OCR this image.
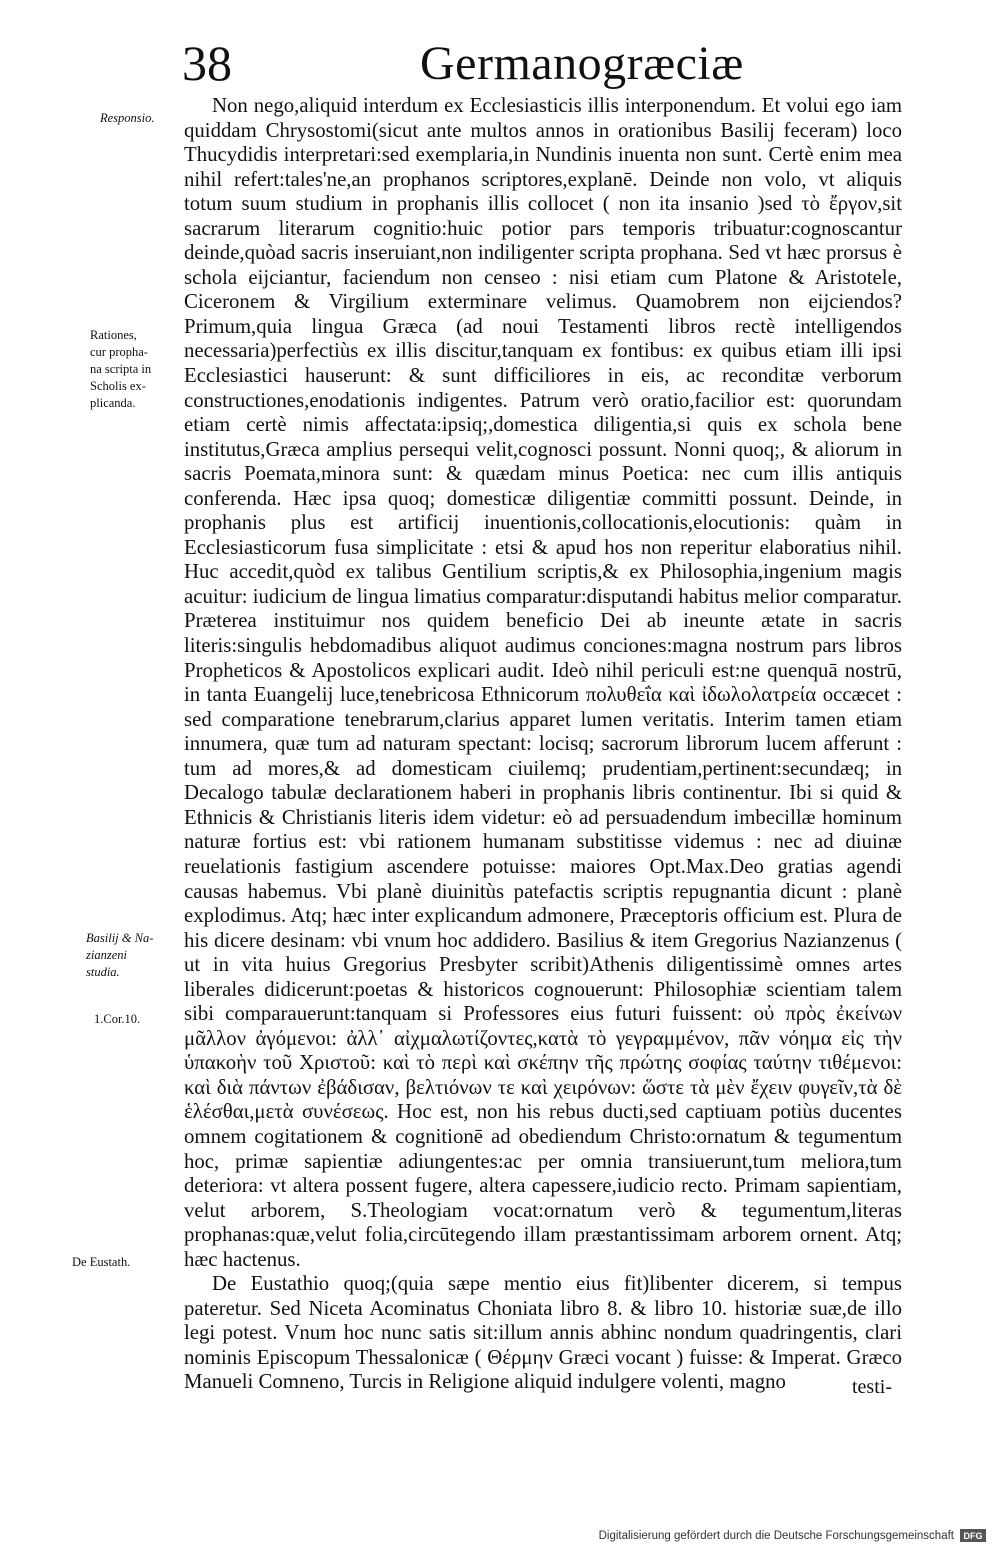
38	Germanogræciæ
Responsio.
Rationes,
cur propha-
na scripta in
Scholis ex-
plicanda.
Basilij & Na-
zianzeni
studia.
1.Cor.10.
De Eustath.

Non nego,aliquid interdum ex Ecclesiasticis illis interponendum. Et volui ego iam quiddam Chrysostomi(sicut ante multos annos in orationibus Basilij feceram) loco Thucydidis interpretari:sed exemplaria,in Nundinis inuenta non sunt. Certè enim mea nihil refert:tales'ne,an prophanos scriptores,explanē. Deinde non volo, vt aliquis totum suum studium in prophanis illis collocet ( non ita insanio )sed τὸ ἔργον,sit sacrarum literarum cognitio:huic potior pars temporis tribuatur:cognoscantur deinde,quòad sacris inseruiant,non indiligenter scripta prophana. Sed vt hæc prorsus è schola eijciantur, faciendum non censeo : nisi etiam cum Platone & Aristotele, Ciceronem & Virgilium exterminare velimus. Quamobrem non eijciendos? Primum,quia lingua Græca (ad noui Testamenti libros rectè intelligendos necessaria)perfectiùs ex illis discitur,tanquam ex fontibus: ex quibus etiam illi ipsi Ecclesiastici hauserunt: & sunt difficiliores in eis, ac reconditæ verborum constructiones,enodationis indigentes. Patrum verò oratio,facilior est: quorundam etiam certè nimis affectata:ipsiq;,domestica diligentia,si quis ex schola bene institutus,Græca amplius persequi velit,cognosci possunt. Nonni quoq;, & aliorum in sacris Poemata,minora sunt: & quædam minus Poetica: nec cum illis antiquis conferenda. Hæc ipsa quoq; domesticæ diligentiæ committi possunt. Deinde, in prophanis plus est artificij inuentionis,collocationis,elocutionis: quàm in Ecclesiasticorum fusa simplicitate : etsi & apud hos non reperitur elaboratius nihil. Huc accedit,quòd ex talibus Gentilium scriptis,& ex Philosophia,ingenium magis acuitur: iudicium de lingua limatius comparatur:disputandi habitus melior comparatur. Præterea instituimur nos quidem beneficio Dei ab ineunte ætate in sacris literis:singulis hebdomadibus aliquot audimus conciones:magna nostrum pars libros Propheticos & Apostolicos explicari audit. Ideò nihil periculi est:ne quenquā nostrū, in tanta Euangelij luce,tenebricosa Ethnicorum πολυθεΐα καὶ ἰδωλολατρεία occæcet : sed comparatione tenebrarum,clarius apparet lumen veritatis. Interim tamen etiam innumera, quæ tum ad naturam spectant: locisq; sacrorum librorum lucem afferunt : tum ad mores,& ad domesticam ciuilemq; prudentiam,pertinent:secundæq; in Decalogo tabulæ declarationem haberi in prophanis libris continentur. Ibi si quid & Ethnicis & Christianis literis idem videtur: eò ad persuadendum imbecillæ hominum naturæ fortius est: vbi rationem humanam substitisse videmus : nec ad diuinæ reuelationis fastigium ascendere potuisse: maiores Opt.Max.Deo gratias agendi causas habemus. Vbi planè diuinitùs patefactis scriptis repugnantia dicunt : planè explodimus. Atq; hæc inter explicandum admonere, Præceptoris officium est. Plura de his dicere desinam: vbi vnum hoc addidero. Basilius & item Gregorius Nazianzenus ( ut in vita huius Gregorius Presbyter scribit)Athenis diligentissimè omnes artes liberales didicerunt:poetas & historicos cognouerunt: Philosophiæ scientiam talem sibi comparauerunt:tanquam si Professores eius futuri fuissent: οὐ πρὸς ἐκείνων μᾶλλον ἀγόμενοι: ἀλλ᾽ αἰχμαλωτίζοντες,κατὰ τὸ γεγραμμένον, πᾶν νόημα εἰς τὴν ὑπακοὴν τοῦ Χριστοῦ: καὶ τὸ περὶ καὶ σκέπην τῆς πρώτης σοφίας ταύτην τιθέμενοι: καὶ διὰ πάντων ἐβάδισαν, βελτιόνων τε καὶ χειρόνων: ὥστε τὰ μὲν ἔχειν φυγεῖν,τὰ δὲ ἑλέσθαι,μετὰ συνέσεως. Hoc est, non his rebus ducti,sed captiuam potiùs ducentes omnem cogitationem & cognitionē ad obediendum Christo:ornatum & tegumentum hoc, primæ sapientiæ adiungentes:ac per omnia transiuerunt,tum meliora,tum deteriora: vt altera possent fugere, altera capessere,iudicio recto. Primam sapientiam, velut arborem, S.Theologiam vocat:ornatum verò & tegumentum,literas prophanas:quæ,velut folia,circūtegendo illam præstantissimam arborem ornent. Atq; hæc hactenus.

De Eustathio quoq;(quia sæpe mentio eius fit)libenter dicerem, si tempus pateretur. Sed Niceta Acominatus Choniata libro 8. & libro 10. historiæ suæ,de illo legi potest. Vnum hoc nunc satis sit:illum annis abhinc nondum quadringentis, clari nominis Episcopum Thessalonicæ ( Θέρμην Græci vocant ) fuisse: & Imperat. Græco Manueli Comneno, Turcis in Religione aliquid indulgere volenti, magno	testi-
Digitalisierung gefördert durch die Deutsche Forschungsgemeinschaft	DFG
